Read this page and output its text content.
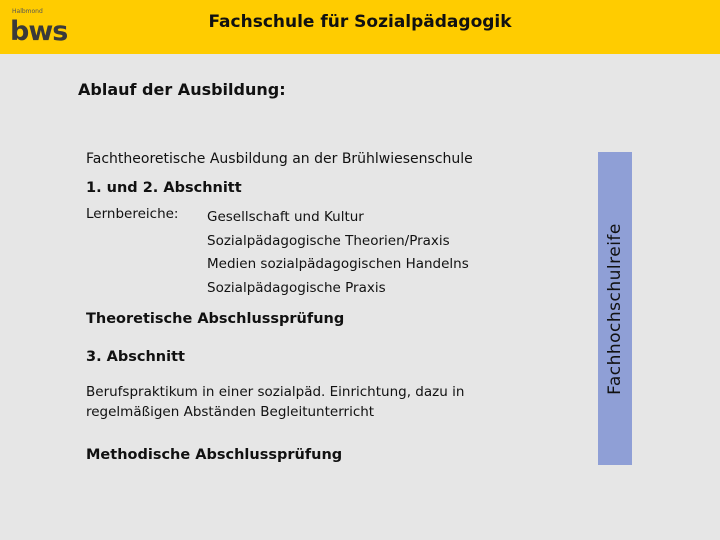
Halbmond
bws	Fachschule für Sozialpädagogik
Ablauf der Ausbildung:
Fachtheoretische Ausbildung an der Brühlwiesenschule
1. und 2. Abschnitt
Lernbereiche: Gesellschaft und Kultur
Sozialpädagogische Theorien/Praxis
Medien sozialpädagogischen Handelns
Sozialpädagogische Praxis
Theoretische Abschlussprüfung
3. Abschnitt
Berufspraktikum in einer sozialpäd. Einrichtung, dazu in
regelmäßigen Abständen Begleitunterricht
Methodische Abschlussprüfung
Fachhochschulreife
